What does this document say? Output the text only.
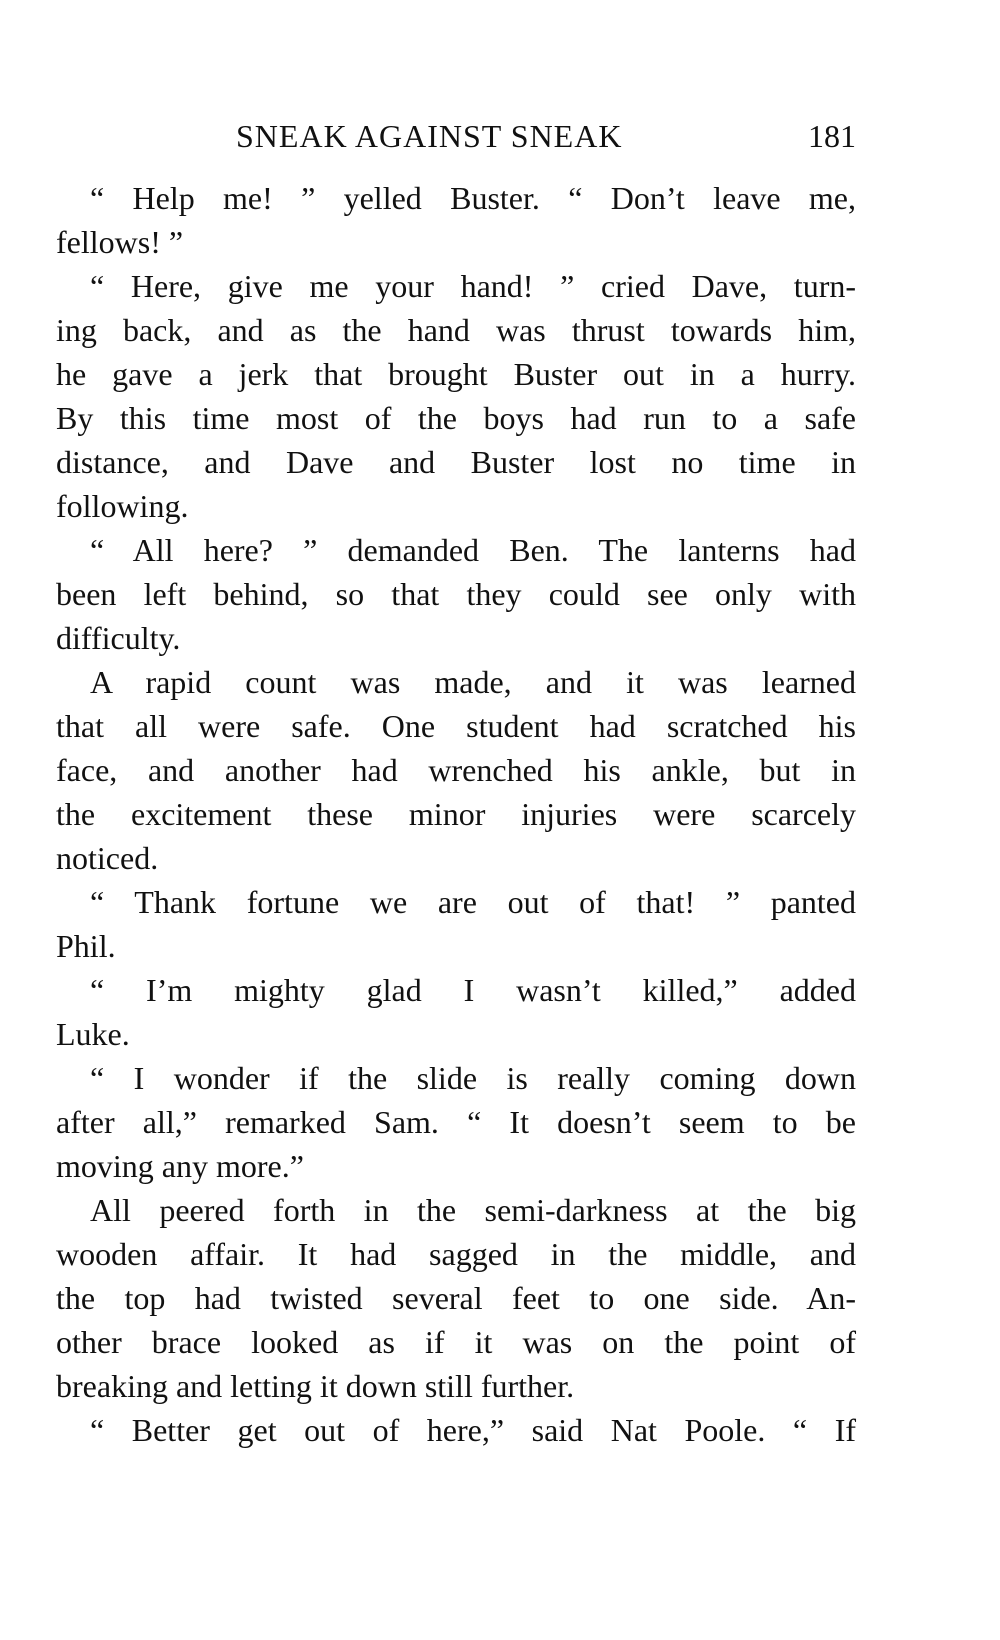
SNEAK AGAINST SNEAK	181
“ Help me! ” yelled Buster. “ Don’t leave me,
fellows! ”
“ Here, give me your hand! ” cried Dave, turn-
ing back, and as the hand was thrust towards him,
he gave a jerk that brought Buster out in a hurry.
By this time most of the boys had run to a safe
distance, and Dave and Buster lost no time in
following.
“ All here? ” demanded Ben. The lanterns had
been left behind, so that they could see only with
difficulty.
A rapid count was made, and it was learned
that all were safe. One student had scratched his
face, and another had wrenched his ankle, but in
the excitement these minor injuries were scarcely
noticed.
“ Thank fortune we are out of that! ” panted
Phil.
“ I’m mighty glad I wasn’t killed,” added
Luke.
“ I wonder if the slide is really coming down
after all,” remarked Sam. “ It doesn’t seem to be
moving any more.”
All peered forth in the semi-darkness at the big
wooden affair. It had sagged in the middle, and
the top had twisted several feet to one side. An-
other brace looked as if it was on the point of
breaking and letting it down still further.
“ Better get out of here,” said Nat Poole. “ If
